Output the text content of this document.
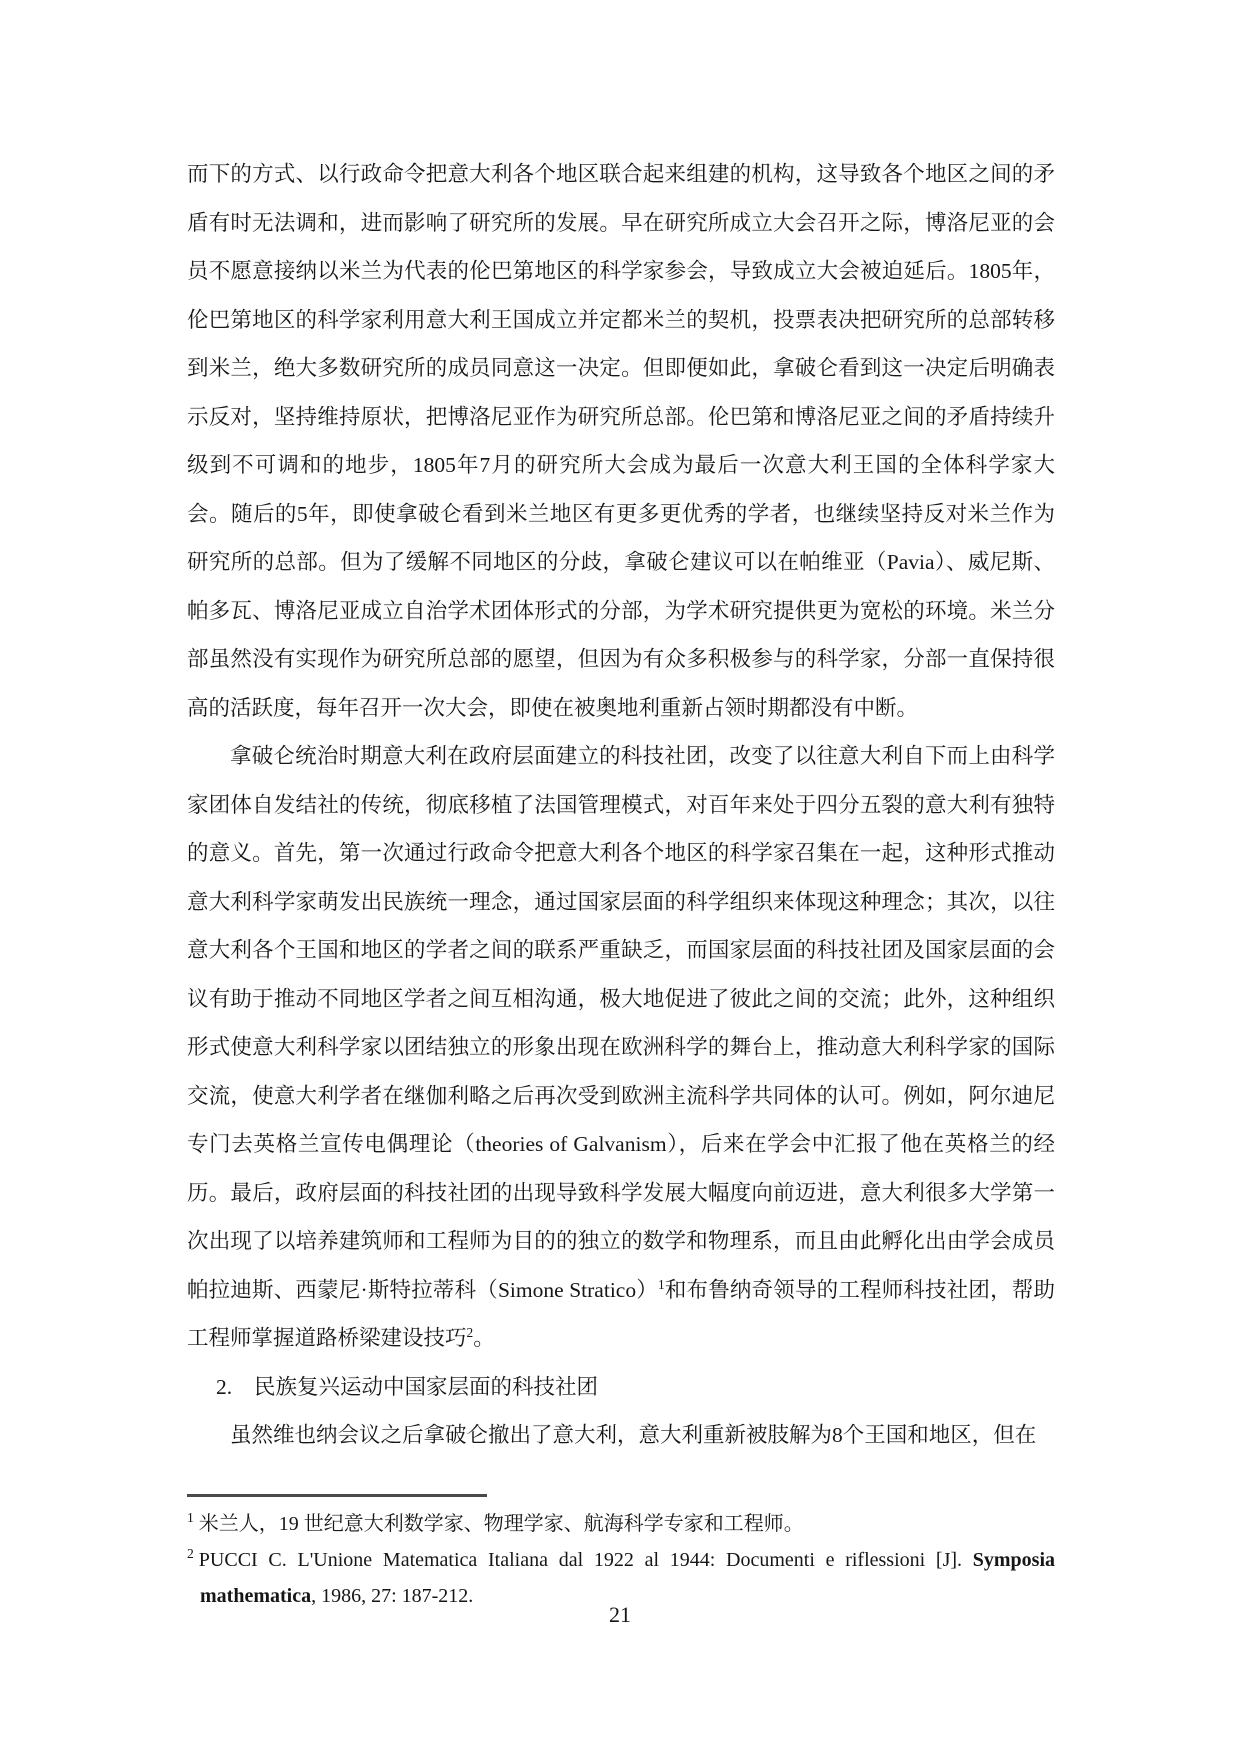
而下的方式、以行政命令把意大利各个地区联合起来组建的机构，这导致各个地区之间的矛盾有时无法调和，进而影响了研究所的发展。早在研究所成立大会召开之际，博洛尼亚的会员不愿意接纳以米兰为代表的伦巴第地区的科学家参会，导致成立大会被迫延后。1805年，伦巴第地区的科学家利用意大利王国成立并定都米兰的契机，投票表决把研究所的总部转移到米兰，绝大多数研究所的成员同意这一决定。但即便如此，拿破仑看到这一决定后明确表示反对，坚持维持原状，把博洛尼亚作为研究所总部。伦巴第和博洛尼亚之间的矛盾持续升级到不可调和的地步，1805年7月的研究所大会成为最后一次意大利王国的全体科学家大会。随后的5年，即使拿破仑看到米兰地区有更多更优秀的学者，也继续坚持反对米兰作为研究所的总部。但为了缓解不同地区的分歧，拿破仑建议可以在帕维亚（Pavia）、威尼斯、帕多瓦、博洛尼亚成立自治学术团体形式的分部，为学术研究提供更为宽松的环境。米兰分部虽然没有实现作为研究所总部的愿望，但因为有众多积极参与的科学家，分部一直保持很高的活跃度，每年召开一次大会，即使在被奥地利重新占领时期都没有中断。

拿破仑统治时期意大利在政府层面建立的科技社团，改变了以往意大利自下而上由科学家团体自发结社的传统，彻底移植了法国管理模式，对百年来处于四分五裂的意大利有独特的意义。首先，第一次通过行政命令把意大利各个地区的科学家召集在一起，这种形式推动意大利科学家萌发出民族统一理念，通过国家层面的科学组织来体现这种理念；其次，以往意大利各个王国和地区的学者之间的联系严重缺乏，而国家层面的科技社团及国家层面的会议有助于推动不同地区学者之间互相沟通，极大地促进了彼此之间的交流；此外，这种组织形式使意大利科学家以团结独立的形象出现在欧洲科学的舞台上，推动意大利科学家的国际交流，使意大利学者在继伽利略之后再次受到欧洲主流科学共同体的认可。例如，阿尔迪尼专门去英格兰宣传电偶理论（theories of Galvanism），后来在学会中汇报了他在英格兰的经历。最后，政府层面的科技社团的出现导致科学发展大幅度向前迈进，意大利很多大学第一次出现了以培养建筑师和工程师为目的的独立的数学和物理系，而且由此孵化出由学会成员帕拉迪斯、西蒙尼·斯特拉蒂科（Simone Stratico）$^1$和布鲁纳奇领导的工程师科技社团，帮助工程师掌握道路桥梁建设技巧$^2$。

2. 民族复兴运动中国家层面的科技社团

虽然维也纳会议之后拿破仑撤出了意大利，意大利重新被肢解为8个王国和地区，但在

$^1$ 米兰人，19 世纪意大利数学家、物理学家、航海科学专家和工程师。

$^2$ PUCCI C. L'Unione Matematica Italiana dal 1922 al 1944: Documenti e riflessioni [J]. Symposia mathematica, 1986, 27: 187-212.

21
